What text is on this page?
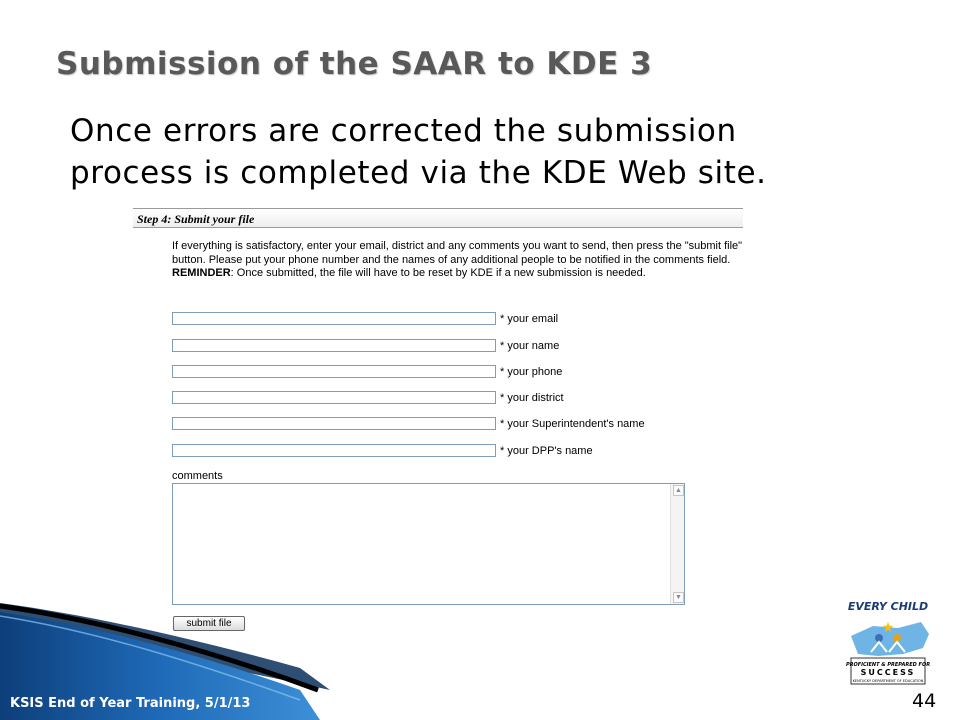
Submission of the SAAR to KDE 3
Once errors are corrected the submission process is completed via the KDE Web site.
Step 4: Submit your file
If everything is satisfactory, enter your email, district and any comments you want to send, then press the "submit file" button. Please put your phone number and the names of any additional people to be notified in the comments field. REMINDER: Once submitted, the file will have to be reset by KDE if a new submission is needed.
* your email
* your name
* your phone
* your district
* your Superintendent's name
* your DPP's name
comments
▲
▼
submit file
EVERY CHILD
★
PROFICIENT & PREPARED FOR
SUCCESS
KENTUCKY DEPARTMENT OF EDUCATION
KSIS End of Year Training, 5/1/13	44
